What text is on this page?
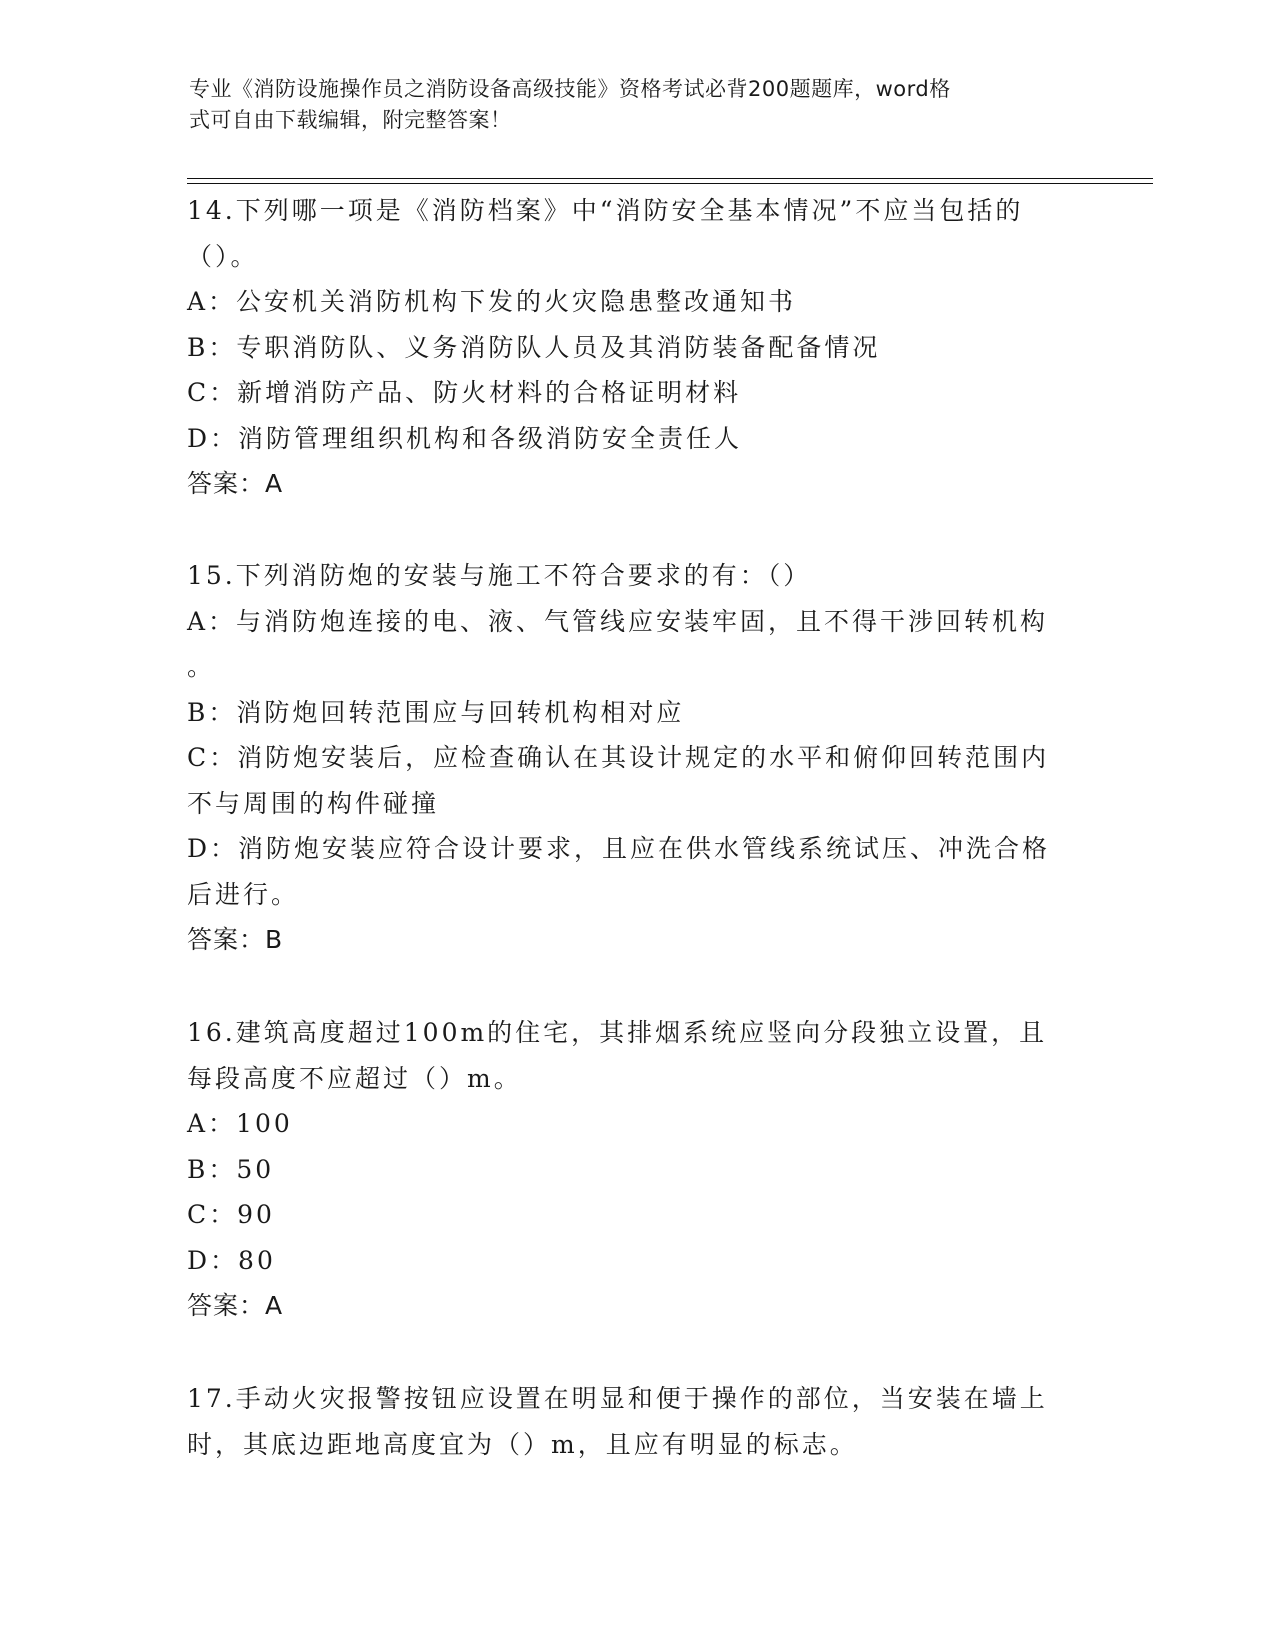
专业《消防设施操作员之消防设备高级技能》资格考试必背200题题库，word格
式可自由下载编辑，附完整答案！
14.下列哪一项是《消防档案》中“消防安全基本情况”不应当包括的
（）。
A：公安机关消防机构下发的火灾隐患整改通知书
B：专职消防队、义务消防队人员及其消防装备配备情况
C：新增消防产品、防火材料的合格证明材料
D：消防管理组织机构和各级消防安全责任人
答案：A
15.下列消防炮的安装与施工不符合要求的有：（）
A：与消防炮连接的电、液、气管线应安装牢固，且不得干涉回转机构
。
B：消防炮回转范围应与回转机构相对应
C：消防炮安装后，应检查确认在其设计规定的水平和俯仰回转范围内
不与周围的构件碰撞
D：消防炮安装应符合设计要求，且应在供水管线系统试压、冲洗合格
后进行。
答案：B
16.建筑高度超过100m的住宅，其排烟系统应竖向分段独立设置，且
每段高度不应超过（）m。
A：100
B：50
C：90
D：80
答案：A
17.手动火灾报警按钮应设置在明显和便于操作的部位，当安装在墙上
时，其底边距地高度宜为（）m，且应有明显的标志。
